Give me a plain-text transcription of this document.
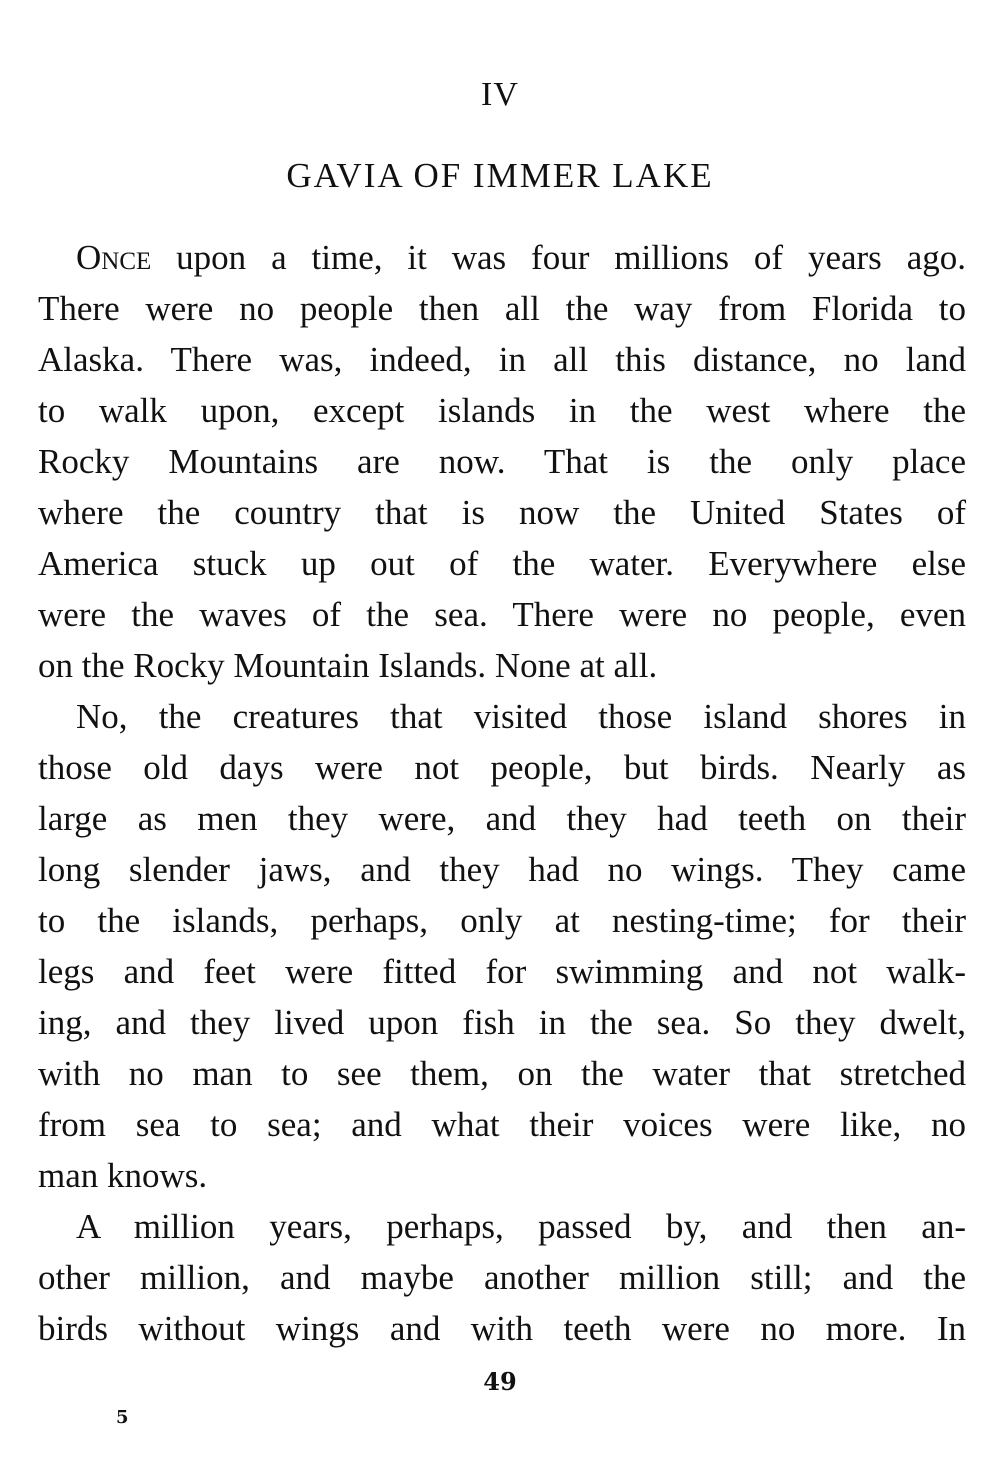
IV
GAVIA OF IMMER LAKE
Once upon a time, it was four millions of years ago.
There were no people then all the way from Florida to
Alaska. There was, indeed, in all this distance, no land
to walk upon, except islands in the west where the
Rocky Mountains are now. That is the only place
where the country that is now the United States of
America stuck up out of the water. Everywhere else
were the waves of the sea. There were no people, even
on the Rocky Mountain Islands. None at all.
No, the creatures that visited those island shores in
those old days were not people, but birds. Nearly as
large as men they were, and they had teeth on their
long slender jaws, and they had no wings. They came
to the islands, perhaps, only at nesting-time; for their
legs and feet were fitted for swimming and not walk-
ing, and they lived upon fish in the sea. So they dwelt,
with no man to see them, on the water that stretched
from sea to sea; and what their voices were like, no
man knows.
A million years, perhaps, passed by, and then an-
other million, and maybe another million still; and the
birds without wings and with teeth were no more. In
49
5
